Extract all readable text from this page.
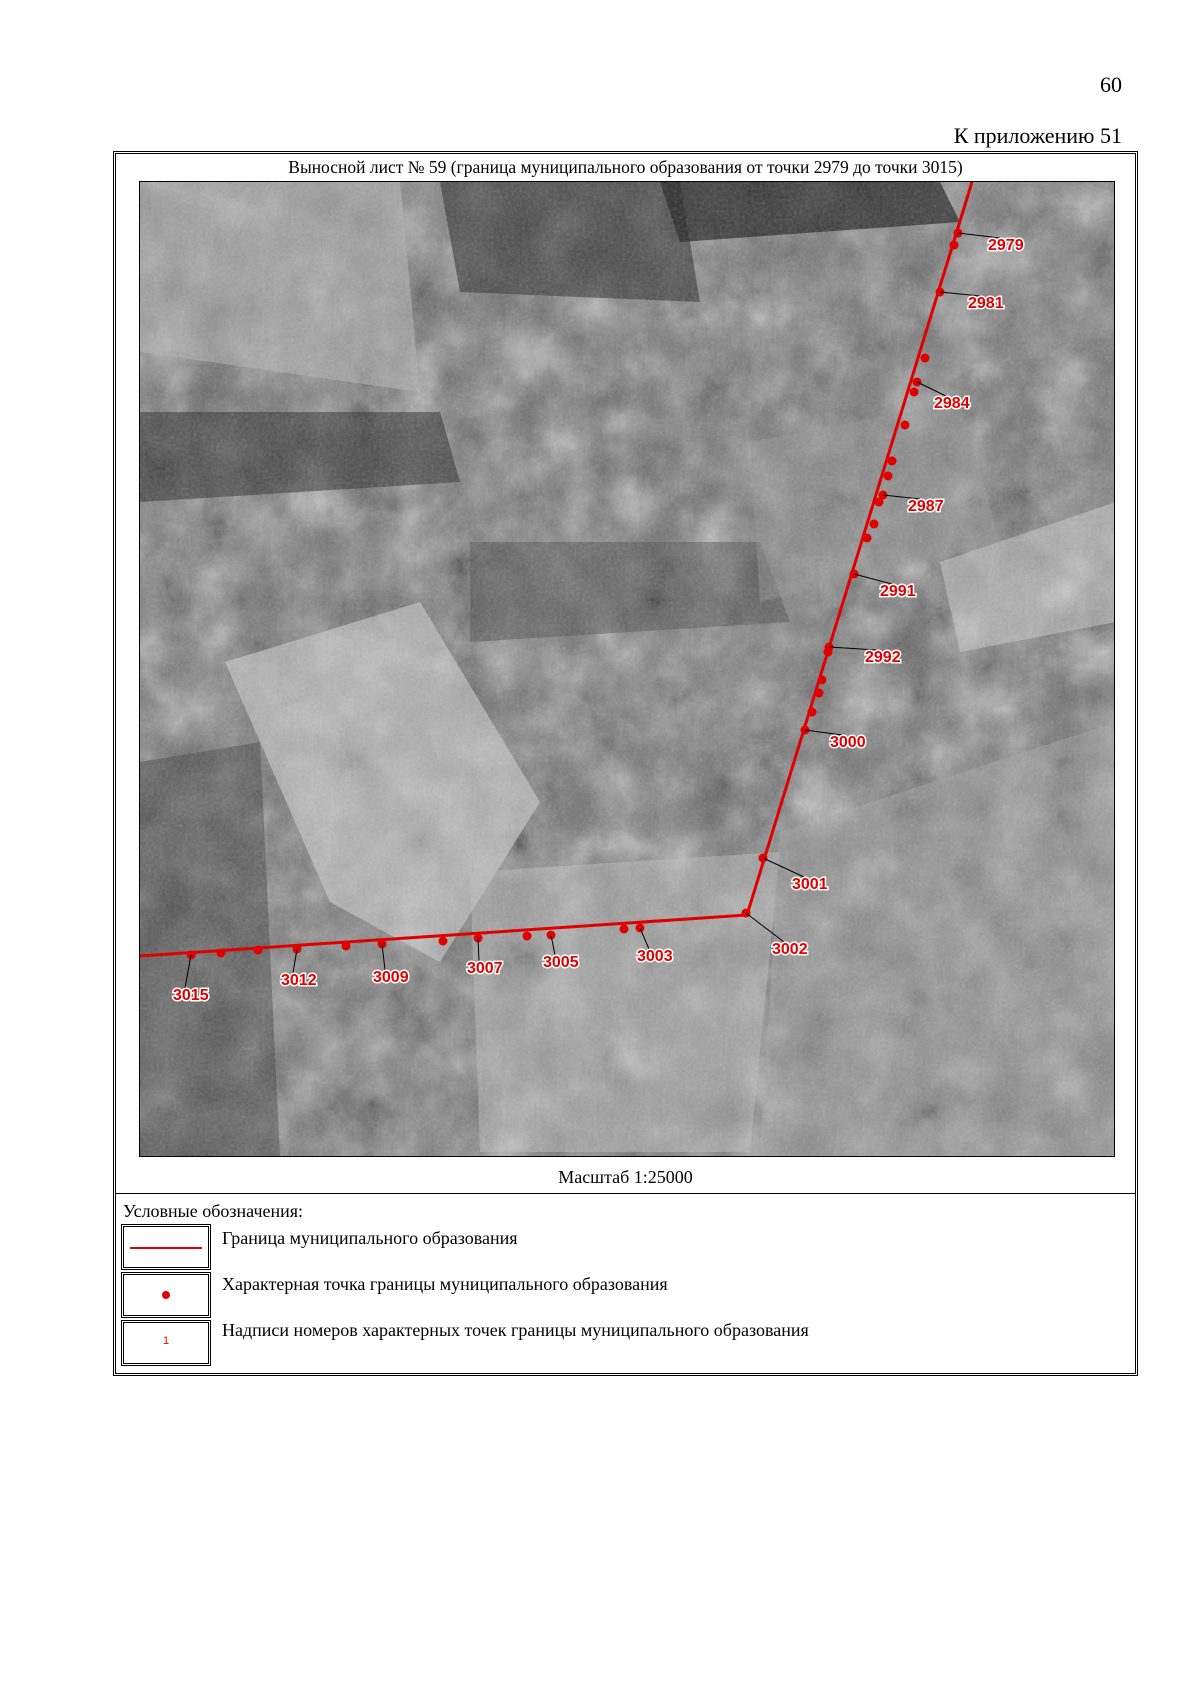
60
К приложению 51
Выносной лист № 59 (граница муниципального образования от точки 2979 до точки 3015)
2979
2981
2984
2987
2991
2992
3000
3001
3002
3003
3005
3007
3009
3012
3015
Масштаб 1:25000
Условные обозначения:
Граница муниципального образования
Характерная точка границы муниципального образования
1
Надписи номеров характерных точек границы муниципального образования
